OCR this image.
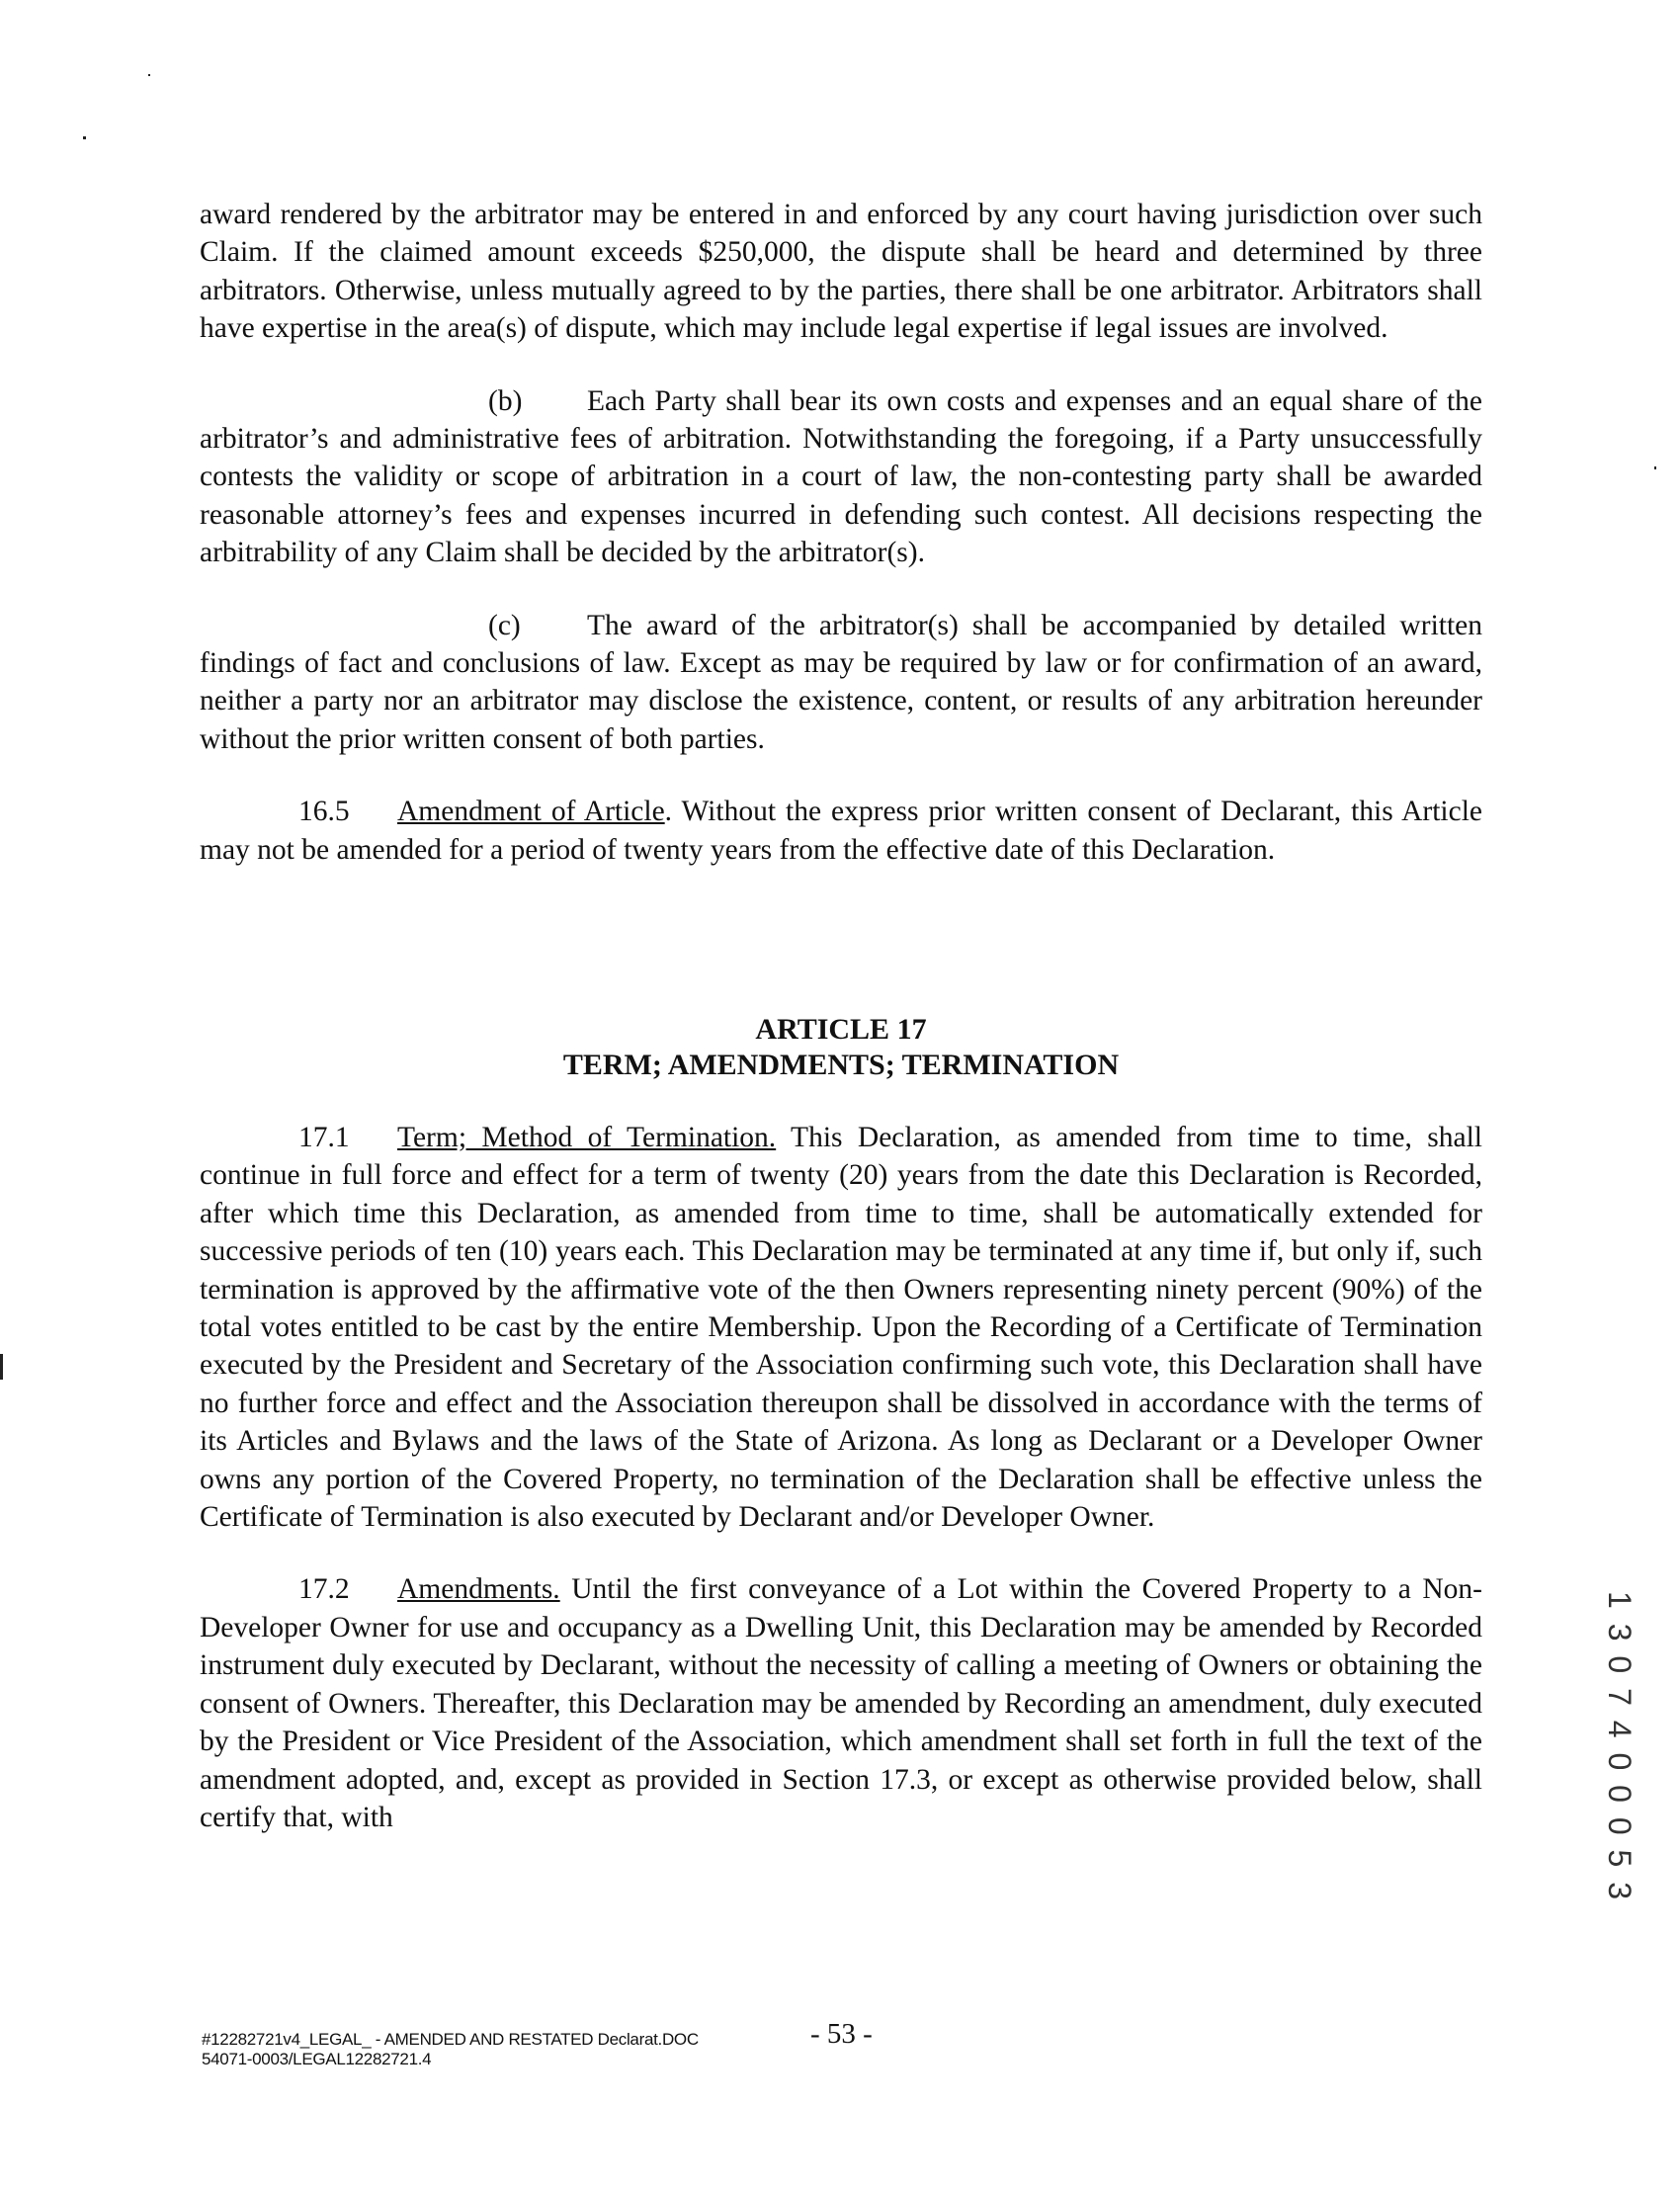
award rendered by the arbitrator may be entered in and enforced by any court having jurisdiction over such Claim. If the claimed amount exceeds $250,000, the dispute shall be heard and determined by three arbitrators. Otherwise, unless mutually agreed to by the parties, there shall be one arbitrator. Arbitrators shall have expertise in the area(s) of dispute, which may include legal expertise if legal issues are involved.

(b) Each Party shall bear its own costs and expenses and an equal share of the arbitrator’s and administrative fees of arbitration. Notwithstanding the foregoing, if a Party unsuccessfully contests the validity or scope of arbitration in a court of law, the non-contesting party shall be awarded reasonable attorney’s fees and expenses incurred in defending such contest. All decisions respecting the arbitrability of any Claim shall be decided by the arbitrator(s).

(c) The award of the arbitrator(s) shall be accompanied by detailed written findings of fact and conclusions of law. Except as may be required by law or for confirmation of an award, neither a party nor an arbitrator may disclose the existence, content, or results of any arbitration hereunder without the prior written consent of both parties.

16.5 Amendment of Article. Without the express prior written consent of Declarant, this Article may not be amended for a period of twenty years from the effective date of this Declaration.

ARTICLE 17
TERM; AMENDMENTS; TERMINATION

17.1 Term; Method of Termination. This Declaration, as amended from time to time, shall continue in full force and effect for a term of twenty (20) years from the date this Declaration is Recorded, after which time this Declaration, as amended from time to time, shall be automatically extended for successive periods of ten (10) years each. This Declaration may be terminated at any time if, but only if, such termination is approved by the affirmative vote of the then Owners representing ninety percent (90%) of the total votes entitled to be cast by the entire Membership. Upon the Recording of a Certificate of Termination executed by the President and Secretary of the Association confirming such vote, this Declaration shall have no further force and effect and the Association thereupon shall be dissolved in accordance with the terms of its Articles and Bylaws and the laws of the State of Arizona. As long as Declarant or a Developer Owner owns any portion of the Covered Property, no termination of the Declaration shall be effective unless the Certificate of Termination is also executed by Declarant and/or Developer Owner.

17.2 Amendments. Until the first conveyance of a Lot within the Covered Property to a Non-Developer Owner for use and occupancy as a Dwelling Unit, this Declaration may be amended by Recorded instrument duly executed by Declarant, without the necessity of calling a meeting of Owners or obtaining the consent of Owners. Thereafter, this Declaration may be amended by Recording an amendment, duly executed by the President or Vice President of the Association, which amendment shall set forth in full the text of the amendment adopted, and, except as provided in Section 17.3, or except as otherwise provided below, shall certify that, with	1 3 0 7 4 0 0 0 5 3
#12282721v4_LEGAL_ - AMENDED AND RESTATED Declarat.DOC
54071-0003/LEGAL12282721.4
- 53 -
